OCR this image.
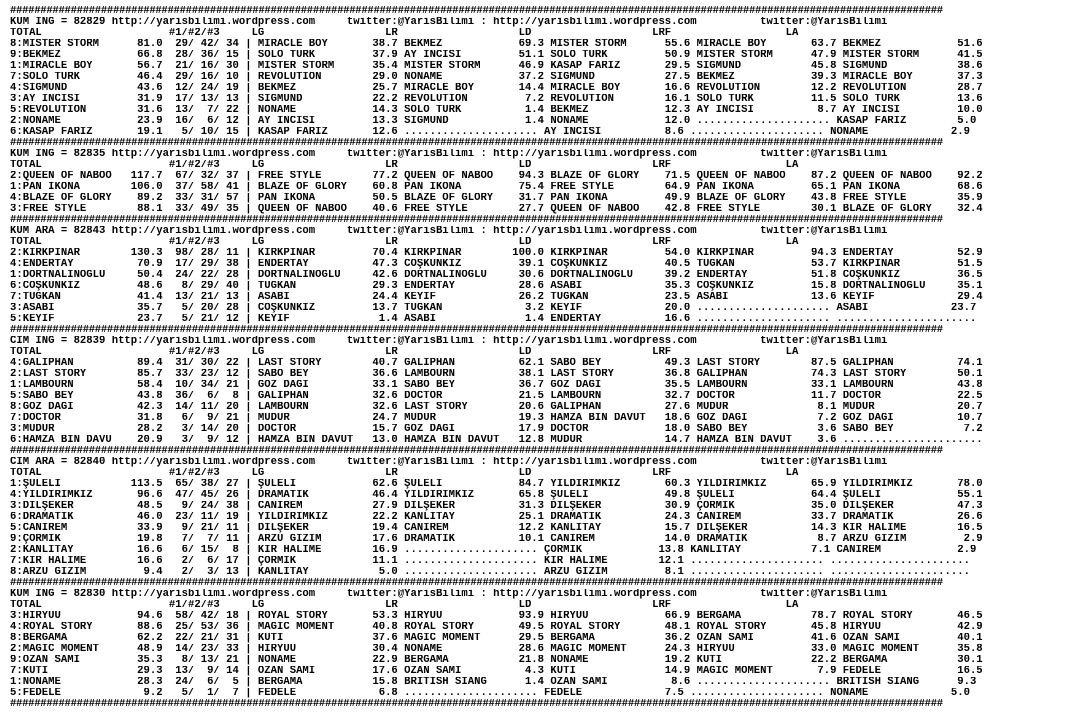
##########################################################################################################################################################
KUM ING = 82829 http://yarisbilimi.wordpress.com     twitter:@YarisBilimi : http://yarisbilimi.wordpress.com          twitter:@YarisBilimi
TOTAL                    #1/#2/#3     LG                   LR                   LD                   LRF                  LA
8:MISTER STORM      81.0  29/ 42/ 34 | MIRACLE BOY       38.7 BEKMEZ            69.3 MISTER STORM      55.6 MIRACLE BOY       63.7 BEKMEZ            51.6
9:BEKMEZ            66.8  28/ 36/ 15 | SOLO TÜRK         37.9 AY İNCİSİ         51.1 SOLO TÜRK         50.9 MISTER STORM      47.9 MISTER STORM      41.5
1:MIRACLE BOY       56.7  21/ 16/ 30 | MISTER STORM      35.4 MISTER STORM      46.9 KASAP FARİZ       29.5 SIGMUND           45.8 SIGMUND           38.6
7:SOLO TÜRK         46.4  29/ 16/ 10 | REVOLUTION        29.0 NONAME            37.2 SIGMUND           27.5 BEKMEZ            39.3 MIRACLE BOY       37.3
4:SIGMUND           43.6  12/ 24/ 19 | BEKMEZ            25.7 MIRACLE BOY       14.4 MIRACLE BOY       16.6 REVOLUTION        12.2 REVOLUTION        28.7
3:AY İNCİSİ         31.9  17/ 13/ 13 | SIGMUND           22.2 REVOLUTION         7.2 REVOLUTION        16.1 SOLO TÜRK         11.5 SOLO TÜRK         13.6
5:REVOLUTION        31.6  13/  7/ 22 | NONAME            14.3 SOLO TÜRK          1.4 BEKMEZ            12.3 AY İNCİSİ          8.7 AY İNCİSİ         10.0
2:NONAME            23.9  16/  6/ 12 | AY İNCİSİ         13.3 SIGMUND            1.4 NONAME            12.0 ..................... KASAP FARİZ        5.0
6:KASAP FARİZ       19.1   5/ 10/ 15 | KASAP FARİZ       12.6 ..................... AY İNCİSİ          8.6 ..................... NONAME             2.9
##########################################################################################################################################################
KUM ING = 82835 http://yarisbilimi.wordpress.com     twitter:@YarisBilimi : http://yarisbilimi.wordpress.com          twitter:@YarisBilimi
TOTAL                    #1/#2/#3     LG                   LR                   LD                   LRF                  LA
2:QUEEN OF NABOO   117.7  67/ 32/ 37 | FREE STYLE        77.2 QUEEN OF NABOO    94.3 BLAZE OF GLORY    71.5 QUEEN OF NABOO    87.2 QUEEN OF NABOO    92.2
1:PAN IKONA        106.0  37/ 58/ 41 | BLAZE OF GLORY    60.8 PAN IKONA         75.4 FREE STYLE        64.9 PAN IKONA         65.1 PAN IKONA         68.6
4:BLAZE OF GLORY    89.2  33/ 31/ 57 | PAN IKONA         50.5 BLAZE OF GLORY    31.7 PAN IKONA         49.9 BLAZE OF GLORY    43.8 FREE STYLE        35.9
3:FREE STYLE        88.1  33/ 49/ 35 | QUEEN OF NABOO    40.6 FREE STYLE        27.7 QUEEN OF NABOO    42.8 FREE STYLE        30.1 BLAZE OF GLORY    32.4
##########################################################################################################################################################
KUM ARA = 82843 http://yarisbilimi.wordpress.com     twitter:@YarisBilimi : http://yarisbilimi.wordpress.com          twitter:@YarisBilimi
TOTAL                    #1/#2/#3     LG                   LR                   LD                   LRF                  LA
2:KIRKPINAR        130.3  98/ 28/ 11 | KIRKPINAR         70.4 KIRKPINAR        100.0 KIRKPINAR         54.0 KIRKPINAR         94.3 ENDERTAY          52.9
4:ENDERTAY          70.9  17/ 29/ 38 | ENDERTAY          47.3 COŞKUNKIZ         39.1 COŞKUNKIZ         40.5 TUĞKAN            53.7 KIRKPINAR         51.5
1:DÖRTNALINOĞLU     50.4  24/ 22/ 28 | DÖRTNALINOĞLU     42.6 DÖRTNALINOĞLU     30.6 DÖRTNALINOĞLU     39.2 ENDERTAY          51.8 COŞKUNKIZ         36.5
6:COŞKUNKIZ         48.6   8/ 29/ 40 | TUĞKAN            29.3 ENDERTAY          28.6 ASABİ             35.3 COŞKUNKIZ         15.8 DÖRTNALINOĞLU     35.1
7:TUĞKAN            41.4  13/ 21/ 13 | ASABİ             24.4 KEYİF             26.2 TUĞKAN            23.5 ASABİ             13.6 KEYİF             29.4
3:ASABİ             35.7   5/ 20/ 28 | COŞKUNKIZ         13.7 TUĞKAN             3.2 KEYİF             20.0 ..................... ASABİ             23.7
5:KEYİF             23.7   5/ 21/ 12 | KEYİF              1.4 ASABİ              1.4 ENDERTAY          16.6 ..................... ......................
##########################################################################################################################################################
CIM ING = 82839 http://yarisbilimi.wordpress.com     twitter:@YarisBilimi : http://yarisbilimi.wordpress.com          twitter:@YarisBilimi
TOTAL                    #1/#2/#3     LG                   LR                   LD                   LRF                  LA
4:GALİPHAN          89.4  31/ 30/ 22 | LAST STORY        40.7 GALİPHAN          62.1 SABO BEY          49.3 LAST STORY        87.5 GALİPHAN          74.1
2:LAST STORY        85.7  33/ 23/ 12 | SABO BEY          36.6 LAMBOURN          38.1 LAST STORY        36.8 GALİPHAN          74.3 LAST STORY        50.1
1:LAMBOURN          58.4  10/ 34/ 21 | GÖZ DAĞI          33.1 SABO BEY          36.7 GÖZ DAĞI          35.5 LAMBOURN          33.1 LAMBOURN          43.8
5:SABO BEY          43.8  36/  6/  8 | GALİPHAN          32.6 DOCTOR            21.5 LAMBOURN          32.7 DOCTOR            11.7 DOCTOR            22.5
8:GÖZ DAĞI          42.3  14/ 11/ 20 | LAMBOURN          32.6 LAST STORY        20.6 GALİPHAN          27.6 MÜDÜR              8.1 MÜDÜR             20.7
7:DOCTOR            31.8   6/  9/ 21 | MÜDÜR             24.7 MÜDÜR             19.3 HAMZA BİN DAVUT   18.6 GÖZ DAĞI           7.2 GÖZ DAĞI          10.7
3:MÜDÜR             28.2   3/ 14/ 20 | DOCTOR            15.7 GÖZ DAĞI          17.9 DOCTOR            18.0 SABO BEY           3.6 SABO BEY           7.2
6:HAMZA BİN DAVU    20.9   3/  9/ 12 | HAMZA BİN DAVUT   13.0 HAMZA BİN DAVUT   12.8 MÜDÜR             14.7 HAMZA BİN DAVUT    3.6 ......................
##########################################################################################################################################################
CIM ARA = 82840 http://yarisbilimi.wordpress.com     twitter:@YarisBilimi : http://yarisbilimi.wordpress.com          twitter:@YarisBilimi
TOTAL                    #1/#2/#3     LG                   LR                   LD                   LRF                  LA
1:ŞULELİ           113.5  65/ 38/ 27 | ŞULELİ            62.6 ŞULELİ            84.7 YILDIRIMKIZ       60.3 YILDIRIMKIZ       65.9 YILDIRIMKIZ       78.0
4:YILDIRIMKIZ       96.6  47/ 45/ 26 | DRAMATİK          46.4 YILDIRIMKIZ       65.8 ŞULELİ            49.8 ŞULELİ            64.4 ŞULELİ            55.1
3:DİLŞEKER          48.5   9/ 24/ 38 | CANİREM           27.9 DİLŞEKER          31.3 DİLŞEKER          30.9 ÇORMİK            35.0 DİLŞEKER          47.3
6:DRAMATİK          46.0  23/ 11/ 19 | YILDIRIMKIZ       22.2 KANLITAY          25.1 DRAMATİK          24.3 CANİREM           33.7 DRAMATİK          26.6
5:CANİREM           33.9   9/ 21/ 11 | DİLŞEKER          19.4 CANİREM           12.2 KANLITAY          15.7 DİLŞEKER          14.3 KIR HALİME        16.5
9:ÇORMİK            19.8   7/  7/ 11 | ARZU GIZIM        17.6 DRAMATİK          10.1 CANİREM           14.0 DRAMATİK           8.7 ARZU GIZIM         2.9
2:KANLITAY          16.6   6/ 15/  8 | KIR HALİME        16.9 ..................... ÇORMİK            13.8 KANLITAY           7.1 CANİREM            2.9
7:KIR HALİME        16.6   2/  6/ 17 | ÇORMİK            11.1 ..................... KIR HALİME        12.1 ..................... ......................
8:ARZU GIZIM         9.4   2/  3/ 13 | KANLITAY           5.0 ..................... ARZU GIZIM         8.1 ..................... ......................
##########################################################################################################################################################
KUM ING = 82830 http://yarisbilimi.wordpress.com     twitter:@YarisBilimi : http://yarisbilimi.wordpress.com          twitter:@YarisBilimi
TOTAL                    #1/#2/#3     LG                   LR                   LD                   LRF                  LA
3:HIRYUU            94.6  58/ 42/ 18 | ROYAL STORY       53.3 HIRYUU            93.9 HIRYUU            66.9 BERGAMA           78.7 ROYAL STORY       46.5
4:ROYAL STORY       88.6  25/ 53/ 36 | MAGIC MOMENT      40.8 ROYAL STORY       49.5 ROYAL STORY       48.1 ROYAL STORY       45.8 HIRYUU            42.9
8:BERGAMA           62.2  22/ 21/ 31 | KUTİ              37.6 MAGIC MOMENT      29.5 BERGAMA           36.2 OZAN SAMİ         41.6 OZAN SAMİ         40.1
2:MAGIC MOMENT      48.9  14/ 23/ 33 | HIRYUU            30.4 NONAME            28.6 MAGIC MOMENT      24.3 HIRYUU            33.0 MAGIC MOMENT      35.8
9:OZAN SAMİ         35.3   8/ 13/ 21 | NONAME            22.9 BERGAMA           21.8 NONAME            19.2 KUTİ              22.2 BERGAMA           30.1
7:KUTİ              29.3  13/  9/ 14 | OZAN SAMİ         17.6 OZAN SAMİ          4.3 KUTİ              14.9 MAGIC MOMENT       7.9 FEDELE            16.5
1:NONAME            28.3  24/  6/  5 | BERGAMA           15.8 BRITISH SIANG      1.4 OZAN SAMİ          8.6 ..................... BRITISH SIANG      9.3
5:FEDELE             9.2   5/  1/  7 | FEDELE             6.8 ..................... FEDELE             7.5 ..................... NONAME             5.0
##########################################################################################################################################################
